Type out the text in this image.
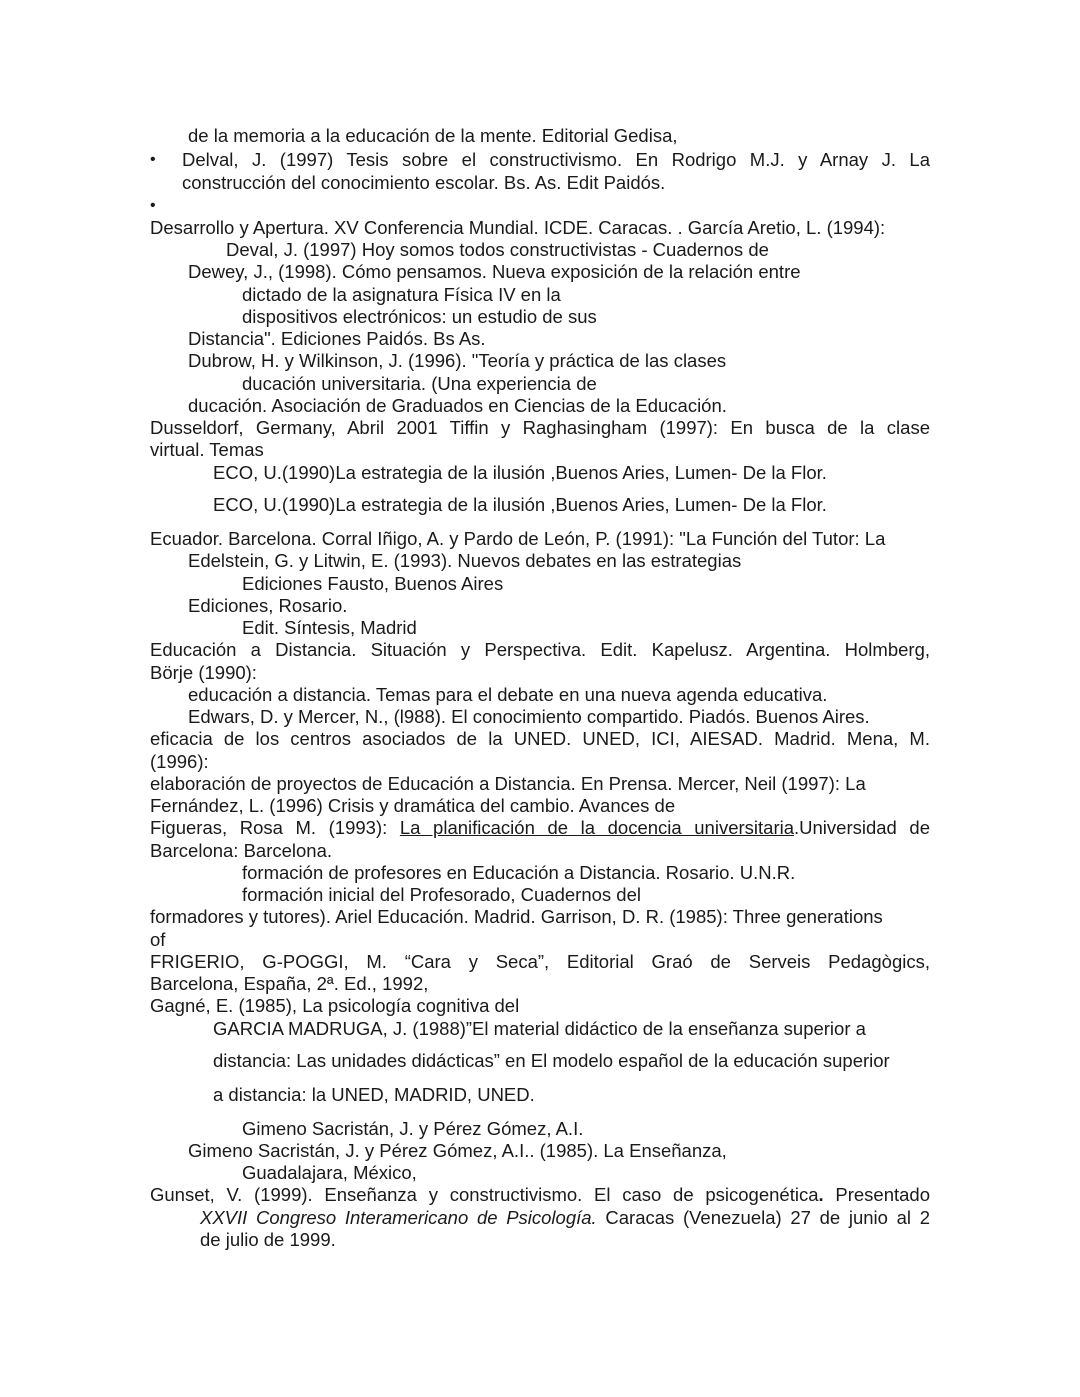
de la memoria a la educación de la mente. Editorial Gedisa,
• Delval, J. (1997) Tesis sobre el constructivismo. En Rodrigo M.J. y Arnay J. La
construcción del conocimiento escolar. Bs. As. Edit Paidós.
•
Desarrollo y Apertura. XV Conferencia Mundial. ICDE. Caracas. . García Aretio, L. (1994):
Deval, J. (1997) Hoy somos todos constructivistas - Cuadernos de
Dewey, J., (1998). Cómo pensamos. Nueva exposición de la relación entre
dictado de la asignatura Física IV en la
dispositivos electrónicos: un estudio de sus
Distancia". Ediciones Paidós. Bs As.
Dubrow, H. y Wilkinson, J. (1996). "Teoría y práctica de las clases
ducación universitaria. (Una experiencia de
ducación. Asociación de Graduados en Ciencias de la Educación.
Dusseldorf, Germany, Abril 2001 Tiffin y Raghasingham (1997): En busca de la clase
virtual. Temas
ECO, U.(1990)La estrategia de la ilusión ,Buenos Aries, Lumen- De la Flor.
ECO, U.(1990)La estrategia de la ilusión ,Buenos Aries, Lumen- De la Flor.
Ecuador. Barcelona. Corral Iñigo, A. y Pardo de León, P. (1991): "La Función del Tutor: La
Edelstein, G. y Litwin, E. (1993). Nuevos debates en las estrategias
Ediciones Fausto, Buenos Aires
Ediciones, Rosario.
Edit. Síntesis, Madrid
Educación a Distancia. Situación y Perspectiva. Edit. Kapelusz. Argentina. Holmberg,
Börje (1990):
educación a distancia. Temas para el debate en una nueva agenda educativa.
Edwars, D. y Mercer, N., (l988). El conocimiento compartido. Piadós. Buenos Aires.
eficacia de los centros asociados de la UNED. UNED, ICI, AIESAD. Madrid. Mena, M.
(1996):
elaboración de proyectos de Educación a Distancia. En Prensa. Mercer, Neil (1997): La
Fernández, L. (1996) Crisis y dramática del cambio. Avances de
Figueras, Rosa M. (1993): La planificación de la docencia universitaria.Universidad de
Barcelona: Barcelona.
formación de profesores en Educación a Distancia. Rosario. U.N.R.
formación inicial del Profesorado, Cuadernos del
formadores y tutores). Ariel Educación. Madrid. Garrison, D. R. (1985): Three generations
of
FRIGERIO, G-POGGI, M. “Cara y Seca”, Editorial Graó de Serveis Pedagògics,
Barcelona, España, 2ª. Ed., 1992,
Gagné, E. (1985), La psicología cognitiva del
GARCIA MADRUGA, J. (1988)”El material didáctico de la enseñanza superior a
distancia: Las unidades didácticas” en El modelo español de la educación superior
a distancia: la UNED, MADRID, UNED.
Gimeno Sacristán, J. y Pérez Gómez, A.I.
Gimeno Sacristán, J. y Pérez Gómez, A.I.. (1985). La Enseñanza,
Guadalajara, México,
Gunset, V. (1999). Enseñanza y constructivismo. El caso de psicogenética. Presentado
XXVII Congreso Interamericano de Psicología. Caracas (Venezuela) 27 de junio al 2
de julio de 1999.
